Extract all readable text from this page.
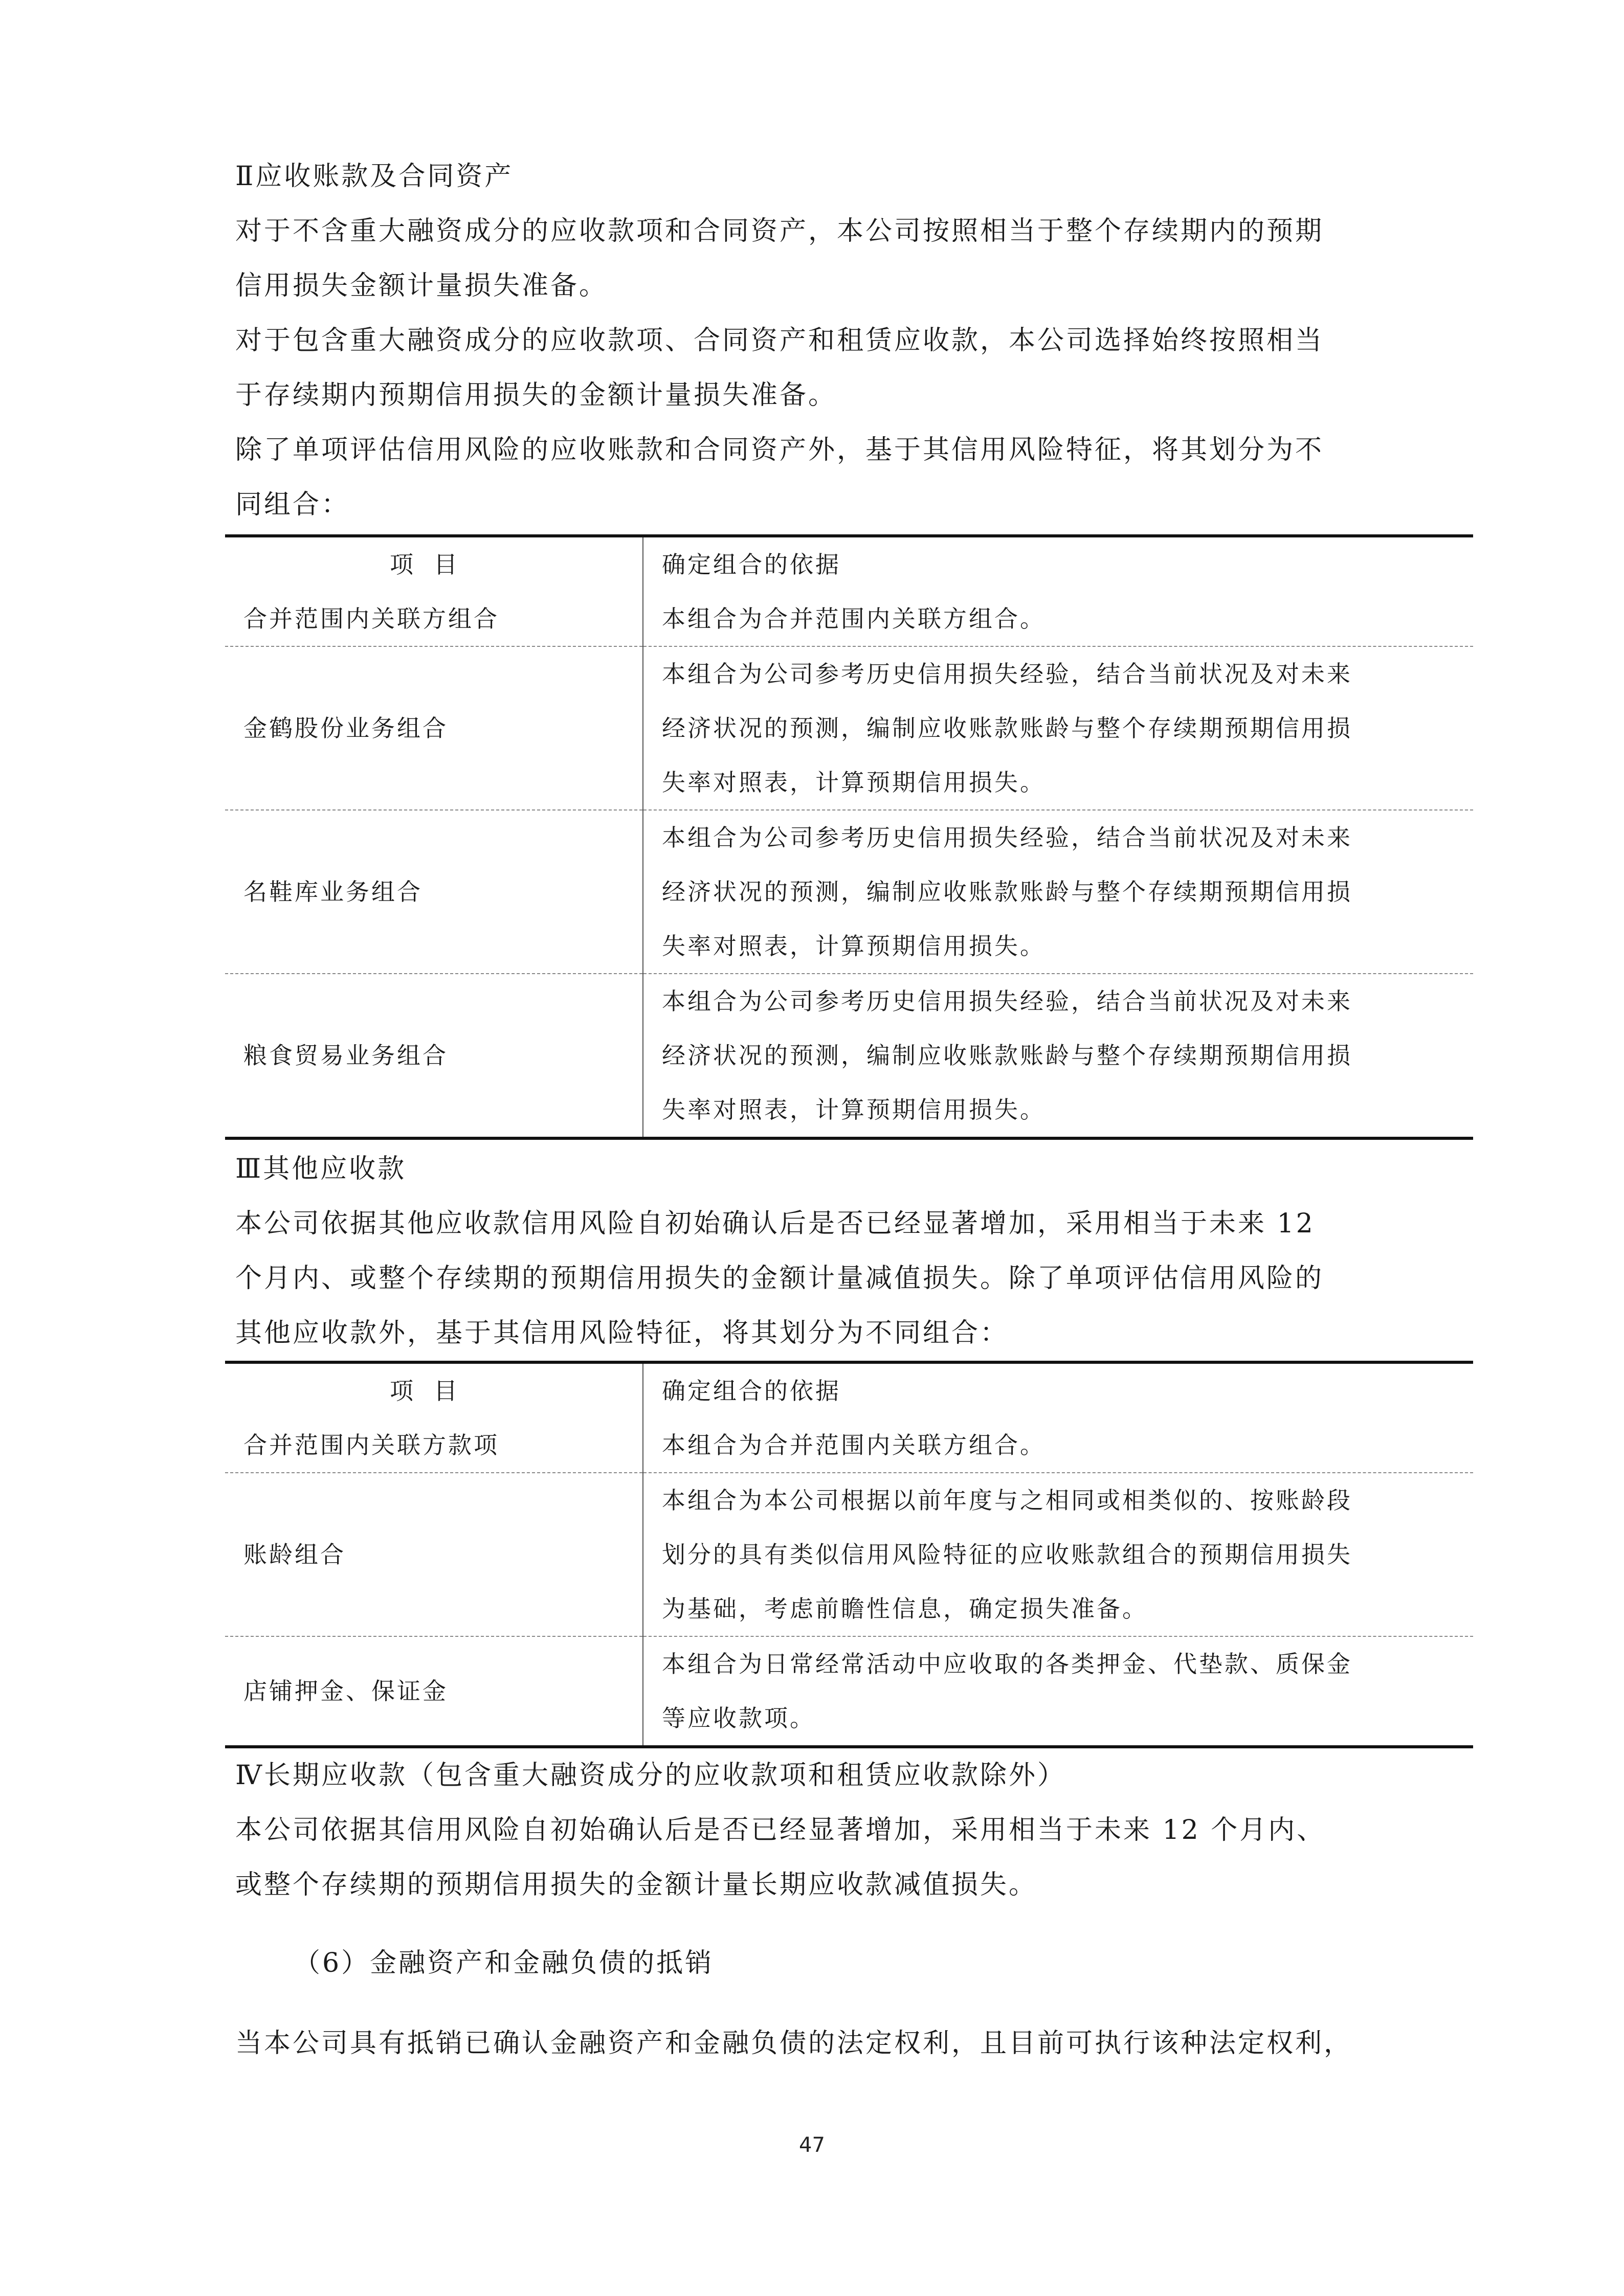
Ⅱ应收账款及合同资产

对于不含重大融资成分的应收款项和合同资产，本公司按照相当于整个存续期内的预期

信用损失金额计量损失准备。

对于包含重大融资成分的应收款项、合同资产和租赁应收款，本公司选择始终按照相当

于存续期内预期信用损失的金额计量损失准备。

除了单项评估信用风险的应收账款和合同资产外，基于其信用风险特征，将其划分为不

同组合：

项目	确定组合的依据
合并范围内关联方组合	本组合为合并范围内关联方组合。

金鹤股份业务组合	本组合为公司参考历史信用损失经验，结合当前状况及对未来
经济状况的预测，编制应收账款账龄与整个存续期预期信用损
失率对照表，计算预期信用损失。

名鞋库业务组合	本组合为公司参考历史信用损失经验，结合当前状况及对未来
经济状况的预测，编制应收账款账龄与整个存续期预期信用损
失率对照表，计算预期信用损失。

粮食贸易业务组合	本组合为公司参考历史信用损失经验，结合当前状况及对未来
经济状况的预测，编制应收账款账龄与整个存续期预期信用损
失率对照表，计算预期信用损失。

Ⅲ其他应收款

本公司依据其他应收款信用风险自初始确认后是否已经显著增加，采用相当于未来 12

个月内、或整个存续期的预期信用损失的金额计量减值损失。除了单项评估信用风险的

其他应收款外，基于其信用风险特征，将其划分为不同组合：

项目	确定组合的依据
合并范围内关联方款项	本组合为合并范围内关联方组合。

账龄组合	本组合为本公司根据以前年度与之相同或相类似的、按账龄段
划分的具有类似信用风险特征的应收账款组合的预期信用损失
为基础，考虑前瞻性信息，确定损失准备。

店铺押金、保证金	本组合为日常经常活动中应收取的各类押金、代垫款、质保金
等应收款项。

Ⅳ长期应收款（包含重大融资成分的应收款项和租赁应收款除外）

本公司依据其信用风险自初始确认后是否已经显著增加，采用相当于未来 12 个月内、

或整个存续期的预期信用损失的金额计量长期应收款减值损失。

（6）金融资产和金融负债的抵销

当本公司具有抵销已确认金融资产和金融负债的法定权利，且目前可执行该种法定权利，

47
